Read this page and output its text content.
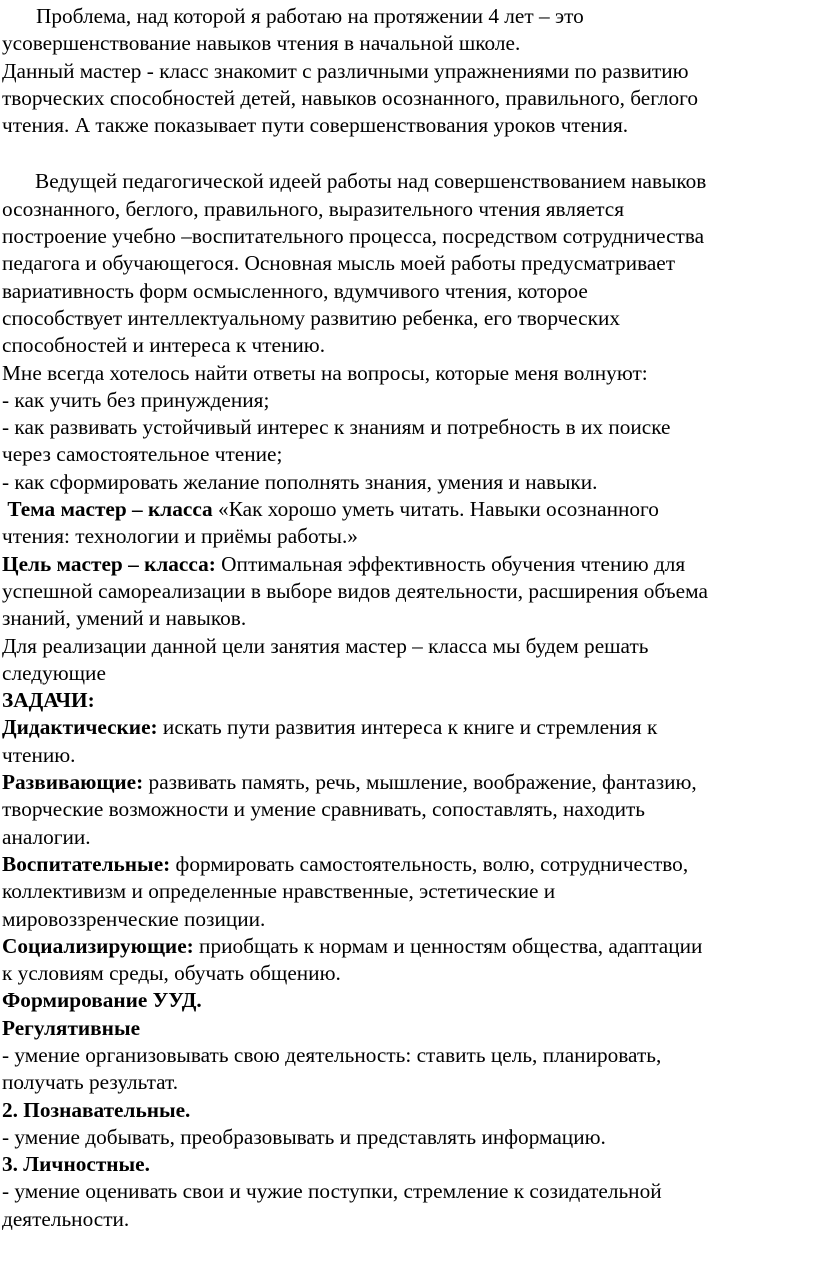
Проблема, над которой я работаю на протяжении 4 лет – это

усовершенствование навыков чтения в начальной школе.

Данный мастер - класс знакомит с различными упражнениями по развитию

творческих способностей детей, навыков осознанного, правильного, беглого

чтения. А также показывает пути совершенствования уроков чтения.

Ведущей педагогической идеей работы над совершенствованием навыков

осознанного, беглого, правильного, выразительного чтения является

построение учебно –воспитательного процесса, посредством сотрудничества

педагога и обучающегося. Основная мысль моей работы предусматривает

вариативность форм осмысленного, вдумчивого чтения, которое

способствует интеллектуальному развитию ребенка, его творческих

способностей и интереса к чтению.

Мне всегда хотелось найти ответы на вопросы, которые меня волнуют:

- как учить без принуждения;

- как развивать устойчивый интерес к знаниям и потребность в их поиске

через самостоятельное чтение;

- как сформировать желание пополнять знания, умения и навыки.

Тема мастер – класса «Как хорошо уметь читать. Навыки осознанного

чтения: технологии и приёмы работы.»

Цель мастер – класса: Оптимальная эффективность обучения чтению для

успешной самореализации в выборе видов деятельности, расширения объема

знаний, умений и навыков.

Для реализации данной цели занятия мастер – класса мы будем решать

следующие

ЗАДАЧИ:

Дидактические: искать пути развития интереса к книге и стремления к

чтению.

Развивающие: развивать память, речь, мышление, воображение, фантазию,

творческие возможности и умение сравнивать, сопоставлять, находить

аналогии.

Воспитательные: формировать самостоятельность, волю, сотрудничество,

коллективизм и определенные нравственные, эстетические и

мировоззренческие позиции.

Социализирующие: приобщать к нормам и ценностям общества, адаптации

к условиям среды, обучать общению.

Формирование УУД.

Регулятивные

- умение организовывать свою деятельность: ставить цель, планировать,

получать результат.

2. Познавательные.

- умение добывать, преобразовывать и представлять информацию.

3. Личностные.

- умение оценивать свои и чужие поступки, стремление к созидательной

деятельности.
